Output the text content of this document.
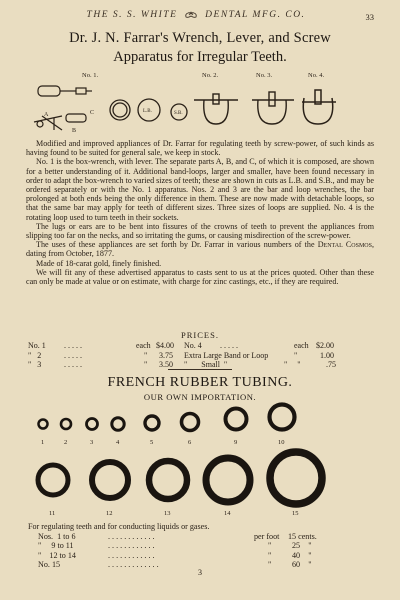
THE S. S. WHITE	DENTAL MFG. CO.	33
Dr. J. N. Farrar's Wrench, Lever, and Screw
Apparatus for Irregular Teeth.
No. 1.	No. 2.	No. 3.	No. 4.
A
B
C	L.B.	S.B.

Modified and improved appliances of Dr. Farrar for regulating teeth by screw-power, of such kinds as having found to be suited for general sale, we keep in stock.

No. 1 is the box-wrench, with lever. The separate parts A, B, and C, of which it is composed, are shown for a better understanding of it. Additional band-loops, larger and smaller, have been found necessary in order to adapt the box-wrench to varied sizes of teeth; these are shown in cuts as L.B. and S.B., and may be ordered separately or with the No. 1 apparatus. Nos. 2 and 3 are the bar and loop wrenches, the bar prolonged at both ends being the only difference in them. These are now made with detachable loops, so that the same bar may apply for teeth of different sizes. Three sizes of loops are supplied. No. 4 is the rotating loop used to turn teeth in their sockets.

The lugs or ears are to be bent into fissures of the crowns of teeth to prevent the appliances from slipping too far on the necks, and so irritating the gums, or causing misdirection of the screw-power.

The uses of these appliances are set forth by Dr. Farrar in various numbers of the Dental Cosmos, dating from October, 1877.

Made of 18-carat gold, finely finished.

We will fit any of these advertised apparatus to casts sent to us at the prices quoted. Other than these can only be made at value or on estimate, with charge for zinc castings, etc., if they are required.

PRICES.
No. 1 . . . . .	each $4.00 No. 4 . . . . .	each $2.00
"   2	. . . . .	" 3.75 Extra Large Band or Loop	"	1.00
"   3	. . . . .	" 3.50 "       Small  "	"     "	.75
FRENCH RUBBER TUBING.
OUR OWN IMPORTATION.
1	2	3	4	5	6	9	10
11	12	13	14	15
For regulating teeth and for conducting liquids or gases.
Nos.  1 to 6	. . . . . . . . . . . .	per foot 15 cents.
"     9 to 11	. . . . . . . . . . . .	"	25    "
"    12 to 14	. . . . . . . . . . . .	"	40    "
No. 15	. . . . . . . . . . . . .	"	60    "
3
